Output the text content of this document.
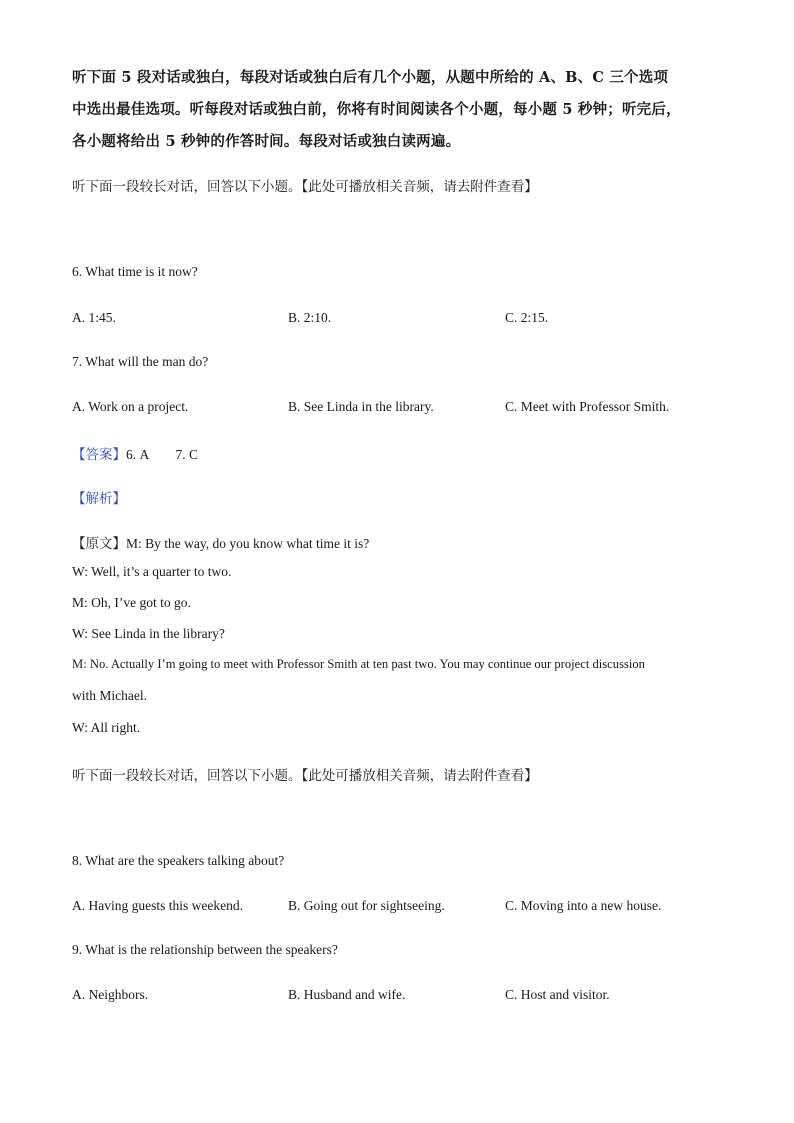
听下面 5 段对话或独白，每段对话或独白后有几个小题，从题中所给的 A、B、C 三个选项
中选出最佳选项。听每段对话或独白前，你将有时间阅读各个小题，每小题 5 秒钟；听完后，
各小题将给出 5 秒钟的作答时间。每段对话或独白读两遍。
听下面一段较长对话，回答以下小题。【此处可播放相关音频，请去附件查看】
6. What time is it now?
A. 1:45.	B. 2:10.	C. 2:15.
7. What will the man do?
A. Work on a project.	B. See Linda in the library.	C. Meet with Professor Smith.
【答案】6. A        7. C
【解析】
【原文】M: By the way, do you know what time it is?
W: Well, it’s a quarter to two.
M: Oh, I’ve got to go.
W: See Linda in the library?
M: No. Actually I’m going to meet with Professor Smith at ten past two. You may continue our project discussion
with Michael.
W: All right.
听下面一段较长对话，回答以下小题。【此处可播放相关音频，请去附件查看】
8. What are the speakers talking about?
A. Having guests this weekend.	B. Going out for sightseeing.	C. Moving into a new house.
9. What is the relationship between the speakers?
A. Neighbors.	B. Husband and wife.	C. Host and visitor.
